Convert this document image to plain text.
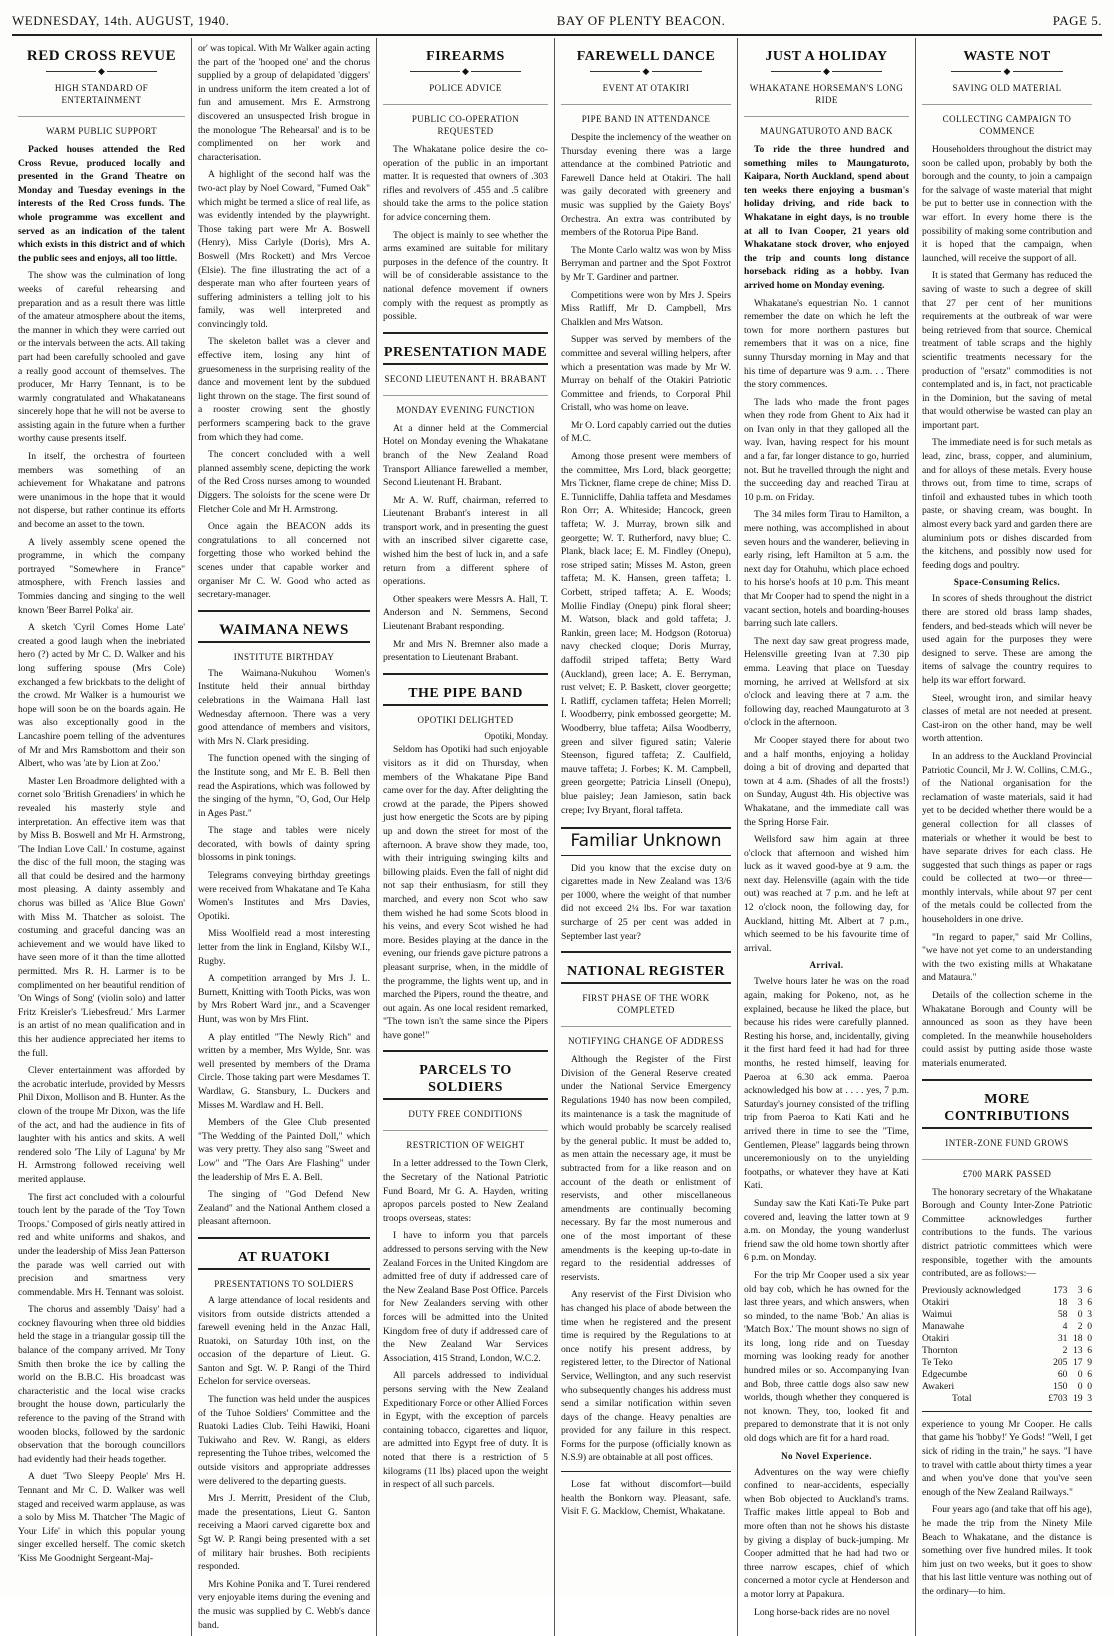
WEDNESDAY, 14th. AUGUST, 1940.	BAY OF PLENTY BEACON.	PAGE 5.
RED CROSS REVUE
◆
HIGH STANDARD OF ENTERTAINMENT
WARM PUBLIC SUPPORT

Packed houses attended the Red Cross Revue, produced locally and presented in the Grand Theatre on Monday and Tuesday evenings in the interests of the Red Cross funds. The whole programme was excellent and served as an indication of the talent which exists in this district and of which the public sees and enjoys, all too little.

The show was the culmination of long weeks of careful rehearsing and preparation and as a result there was little of the amateur atmosphere about the items, the manner in which they were carried out or the intervals between the acts. All taking part had been carefully schooled and gave a really good account of themselves. The producer, Mr Harry Tennant, is to be warmly congratulated and Whakataneans sincerely hope that he will not be averse to assisting again in the future when a further worthy cause presents itself.

In itself, the orchestra of fourteen members was something of an achievement for Whakatane and patrons were unanimous in the hope that it would not disperse, but rather continue its efforts and become an asset to the town.

A lively assembly scene opened the programme, in which the company portrayed "Somewhere in France" atmosphere, with French lassies and Tommies dancing and singing to the well known 'Beer Barrel Polka' air.

A sketch 'Cyril Comes Home Late' created a good laugh when the inebriated hero (?) acted by Mr C. D. Walker and his long suffering spouse (Mrs Cole) exchanged a few brickbats to the delight of the crowd. Mr Walker is a humourist we hope will soon be on the boards again. He was also exceptionally good in the Lancashire poem telling of the adventures of Mr and Mrs Ramsbottom and their son Albert, who was 'ate by Lion at Zoo.'

Master Len Broadmore delighted with a cornet solo 'British Grenadiers' in which he revealed his masterly style and interpretation. An effective item was that by Miss B. Boswell and Mr H. Armstrong, 'The Indian Love Call.' In costume, against the disc of the full moon, the staging was all that could be desired and the harmony most pleasing. A dainty assembly and chorus was billed as 'Alice Blue Gown' with Miss M. Thatcher as soloist. The costuming and graceful dancing was an achievement and we would have liked to have seen more of it than the time allotted permitted. Mrs R. H. Larmer is to be complimented on her beautiful rendition of 'On Wings of Song' (violin solo) and latter Fritz Kreisler's 'Liebesfreud.' Mrs Larmer is an artist of no mean qualification and in this her audience appreciated her items to the full.

Clever entertainment was afforded by the acrobatic interlude, provided by Messrs Phil Dixon, Mollison and B. Hunter. As the clown of the troupe Mr Dixon, was the life of the act, and had the audience in fits of laughter with his antics and skits. A well rendered solo 'The Lily of Laguna' by Mr H. Armstrong followed receiving well merited applause.

The first act concluded with a colourful touch lent by the parade of the 'Toy Town Troops.' Composed of girls neatly attired in red and white uniforms and shakos, and under the leadership of Miss Jean Patterson the parade was well carried out with precision and smartness very commendable. Mrs H. Tennant was soloist.

The chorus and assembly 'Daisy' had a cockney flavouring when three old biddies held the stage in a triangular gossip till the balance of the company arrived. Mr Tony Smith then broke the ice by calling the world on the B.B.C. His broadcast was characteristic and the local wise cracks brought the house down, particularly the reference to the paving of the Strand with wooden blocks, followed by the sardonic observation that the borough councillors had evidently had their heads together.

A duet 'Two Sleepy People' Mrs H. Tennant and Mr C. D. Walker was well staged and received warm applause, as was a solo by Miss M. Thatcher 'The Magic of Your Life' in which this popular young singer excelled herself. The comic sketch 'Kiss Me Goodnight Sergeant-Maj-

or' was topical. With Mr Walker again acting the part of the 'hooped one' and the chorus supplied by a group of delapidated 'diggers' in undress uniform the item created a lot of fun and amusement. Mrs E. Armstrong discovered an unsuspected Irish brogue in the monologue 'The Rehearsal' and is to be complimented on her work and characterisation.

A highlight of the second half was the two-act play by Noel Coward, "Fumed Oak" which might be termed a slice of real life, as was evidently intended by the playwright. Those taking part were Mr A. Boswell (Henry), Miss Carlyle (Doris), Mrs A. Boswell (Mrs Rockett) and Mrs Vercoe (Elsie). The fine illustrating the act of a desperate man who after fourteen years of suffering administers a telling jolt to his family, was well interpreted and convincingly told.

The skeleton ballet was a clever and effective item, losing any hint of gruesomeness in the surprising reality of the dance and movement lent by the subdued light thrown on the stage. The first sound of a rooster crowing sent the ghostly performers scampering back to the grave from which they had come.

The concert concluded with a well planned assembly scene, depicting the work of the Red Cross nurses among to wounded Diggers. The soloists for the scene were Dr Fletcher Cole and Mr H. Armstrong.

Once again the BEACON adds its congratulations to all concerned not forgetting those who worked behind the scenes under that capable worker and organiser Mr C. W. Good who acted as secretary-manager.

WAIMANA NEWS
INSTITUTE BIRTHDAY

The Waimana-Nukuhou Women's Institute held their annual birthday celebrations in the Waimana Hall last Wednesday afternoon. There was a very good attendance of members and visitors, with Mrs N. Clark presiding.

The function opened with the singing of the Institute song, and Mr E. B. Bell then read the Aspirations, which was followed by the singing of the hymn, "O, God, Our Help in Ages Past."

The stage and tables were nicely decorated, with bowls of dainty spring blossoms in pink tonings.

Telegrams conveying birthday greetings were received from Whakatane and Te Kaha Women's Institutes and Mrs Davies, Opotiki.

Miss Woolfield read a most interesting letter from the link in England, Kilsby W.I., Rugby.

A competition arranged by Mrs J. L. Burnett, Knitting with Tooth Picks, was won by Mrs Robert Ward jnr., and a Scavenger Hunt, was won by Mrs Flint.

A play entitled "The Newly Rich" and written by a member, Mrs Wylde, Snr. was well presented by members of the Drama Circle. Those taking part were Mesdames T. Wardlaw, G. Stansbury, L. Duckers and Misses M. Wardlaw and H. Bell.

Members of the Glee Club presented "The Wedding of the Painted Doll," which was very pretty. They also sang "Sweet and Low" and "The Oars Are Flashing" under the leadership of Mrs E. A. Bell.

The singing of "God Defend New Zealand" and the National Anthem closed a pleasant afternoon.

AT RUATOKI
PRESENTATIONS TO SOLDIERS

A large attendance of local residents and visitors from outside districts attended a farewell evening held in the Anzac Hall, Ruatoki, on Saturday 10th inst, on the occasion of the departure of Lieut. G. Santon and Sgt. W. P. Rangi of the Third Echelon for service overseas.

The function was held under the auspices of the Tuhoe Soldiers' Committee and the Ruatoki Ladies Club. Teihi Hawiki, Hoani Tukiwaho and Rev. W. Rangi, as elders representing the Tuhoe tribes, welcomed the outside visitors and appropriate addresses were delivered to the departing guests.

Mrs J. Merritt, President of the Club, made the presentations, Lieut G. Santon receiving a Maori carved cigarette box and Sgt W. P. Rangi being presented with a set of military hair brushes. Both recipients responded.

Mrs Kohine Ponika and T. Turei rendered very enjoyable items during the evening and the music was supplied by C. Webb's dance band.

FIREARMS
◆
POLICE ADVICE
PUBLIC CO-OPERATION REQUESTED

The Whakatane police desire the co-operation of the public in an important matter. It is requested that owners of .303 rifles and revolvers of .455 and .5 calibre should take the arms to the police station for advice concerning them.

The object is mainly to see whether the arms examined are suitable for military purposes in the defence of the country. It will be of considerable assistance to the national defence movement if owners comply with the request as promptly as possible.

PRESENTATION MADE
SECOND LIEUTENANT H. BRABANT
MONDAY EVENING FUNCTION

At a dinner held at the Commercial Hotel on Monday evening the Whakatane branch of the New Zealand Road Transport Alliance farewelled a member, Second Lieutenant H. Brabant.

Mr A. W. Ruff, chairman, referred to Lieutenant Brabant's interest in all transport work, and in presenting the guest with an inscribed silver cigarette case, wished him the best of luck in, and a safe return from a different sphere of operations.

Other speakers were Messrs A. Hall, T. Anderson and N. Semmens, Second Lieutenant Brabant responding.

Mr and Mrs N. Bremner also made a presentation to Lieutenant Brabant.

THE PIPE BAND
OPOTIKI DELIGHTED
Opotiki, Monday.

Seldom has Opotiki had such enjoyable visitors as it did on Thursday, when members of the Whakatane Pipe Band came over for the day. After delighting the crowd at the parade, the Pipers showed just how energetic the Scots are by piping up and down the street for most of the afternoon. A brave show they made, too, with their intriguing swinging kilts and billowing plaids. Even the fall of night did not sap their enthusiasm, for still they marched, and every non Scot who saw them wished he had some Scots blood in his veins, and every Scot wished he had more. Besides playing at the dance in the evening, our friends gave picture patrons a pleasant surprise, when, in the middle of the programme, the lights went up, and in marched the Pipers, round the theatre, and out again. As one local resident remarked, "The town isn't the same since the Pipers have gone!"

PARCELS TO SOLDIERS
DUTY FREE CONDITIONS
RESTRICTION OF WEIGHT

In a letter addressed to the Town Clerk, the Secretary of the National Patriotic Fund Board, Mr G. A. Hayden, writing apropos parcels posted to New Zealand troops overseas, states:

I have to inform you that parcels addressed to persons serving with the New Zealand Forces in the United Kingdom are admitted free of duty if addressed care of the New Zealand Base Post Office. Parcels for New Zealanders serving with other forces will be admitted into the United Kingdom free of duty if addressed care of the New Zealand War Services Association, 415 Strand, London, W.C.2.

All parcels addressed to individual persons serving with the New Zealand Expeditionary Force or other Allied Forces in Egypt, with the exception of parcels containing tobacco, cigarettes and liquor, are admitted into Egypt free of duty. It is noted that there is a restriction of 5 kilograms (11 lbs) placed upon the weight in respect of all such parcels.

FAREWELL DANCE
◆
EVENT AT OTAKIRI
PIPE BAND IN ATTENDANCE

Despite the inclemency of the weather on Thursday evening there was a large attendance at the combined Patriotic and Farewell Dance held at Otakiri. The hall was gaily decorated with greenery and music was supplied by the Gaiety Boys' Orchestra. An extra was contributed by members of the Rotorua Pipe Band.

The Monte Carlo waltz was won by Miss Berryman and partner and the Spot Foxtrot by Mr T. Gardiner and partner.

Competitions were won by Mrs J. Speirs Miss Ratliff, Mr D. Campbell, Mrs Chalklen and Mrs Watson.

Supper was served by members of the committee and several willing helpers, after which a presentation was made by Mr W. Murray on behalf of the Otakiri Patriotic Committee and friends, to Corporal Phil Cristall, who was home on leave.

Mr O. Lord capably carried out the duties of M.C.

Among those present were members of the committee, Mrs Lord, black georgette; Mrs Tickner, flame crepe de chine; Miss D. E. Tunnicliffe, Dahlia taffeta and Mesdames Ron Orr; A. Whiteside; Hancock, green taffeta; W. J. Murray, brown silk and georgette; W. T. Rutherford, navy blue; C. Plank, black lace; E. M. Findley (Onepu), rose striped satin; Misses M. Aston, green taffeta; M. K. Hansen, green taffeta; I. Corbett, striped taffeta; A. E. Woods; Mollie Findlay (Onepu) pink floral sheer; M. Watson, black and gold taffeta; J. Rankin, green lace; M. Hodgson (Rotorua) navy checked cloque; Doris Murray, daffodil striped taffeta; Betty Ward (Auckland), green lace; A. E. Berryman, rust velvet; E. P. Baskett, clover georgette; I. Ratliff, cyclamen taffeta; Helen Morrell; I. Woodberry, pink embossed georgette; M. Woodberry, blue taffeta; Ailsa Woodberry, green and silver figured satin; Valerie Steenson, figured taffeta; Z. Caulfield, mauve taffeta; J. Forbes; K. M. Campbell, green georgette; Patricia Linsell (Onepu), blue paisley; Jean Jamieson, satin back crepe; Ivy Bryant, floral taffeta.

Familiar Unknown

Did you know that the excise duty on cigarettes made in New Zealand was 13/6 per 1000, where the weight of that number did not exceed 2¼ lbs. For war taxation surcharge of 25 per cent was added in September last year?

NATIONAL REGISTER
FIRST PHASE OF THE WORK COMPLETED
NOTIFYING CHANGE OF ADDRESS

Although the Register of the First Division of the General Reserve created under the National Service Emergency Regulations 1940 has now been compiled, its maintenance is a task the magnitude of which would probably be scarcely realised by the general public. It must be added to, as men attain the necessary age, it must be subtracted from for a like reason and on account of the death or enlistment of reservists, and other miscellaneous amendments are continually becoming necessary. By far the most numerous and one of the most important of these amendments is the keeping up-to-date in regard to the residential addresses of reservists.

Any reservist of the First Division who has changed his place of abode between the time when he registered and the present time is required by the Regulations to at once notify his present address, by registered letter, to the Director of National Service, Wellington, and any such reservist who subsequently changes his address must send a similar notification within seven days of the change. Heavy penalties are provided for any failure in this respect. Forms for the purpose (officially known as N.S.9) are obtainable at all post offices.

Lose fat without discomfort—build health the Bonkorn way. Pleasant, safe. Visit F. G. Macklow, Chemist, Whakatane.

JUST A HOLIDAY
◆
WHAKATANE HORSEMAN'S LONG RIDE
MAUNGATUROTO AND BACK

To ride the three hundred and something miles to Maungaturoto, Kaipara, North Auckland, spend about ten weeks there enjoying a busman's holiday driving, and ride back to Whakatane in eight days, is no trouble at all to Ivan Cooper, 21 years old Whakatane stock drover, who enjoyed the trip and counts long distance horseback riding as a hobby. Ivan arrived home on Monday evening.

Whakatane's equestrian No. 1 cannot remember the date on which he left the town for more northern pastures but remembers that it was on a nice, fine sunny Thursday morning in May and that his time of departure was 9 a.m. . . There the story commences.

The lads who made the front pages when they rode from Ghent to Aix had it on Ivan only in that they galloped all the way. Ivan, having respect for his mount and a far, far longer distance to go, hurried not. But he travelled through the night and the succeeding day and reached Tirau at 10 p.m. on Friday.

The 34 miles form Tirau to Hamilton, a mere nothing, was accomplished in about seven hours and the wanderer, believing in early rising, left Hamilton at 5 a.m. the next day for Otahuhu, which place echoed to his horse's hoofs at 10 p.m. This meant that Mr Cooper had to spend the night in a vacant section, hotels and boarding-houses barring such late callers.

The next day saw great progress made, Helensville greeting Ivan at 7.30 pip emma. Leaving that place on Tuesday morning, he arrived at Wellsford at six o'clock and leaving there at 7 a.m. the following day, reached Maungaturoto at 3 o'clock in the afternoon.

Mr Cooper stayed there for about two and a half months, enjoying a holiday doing a bit of droving and departed that town at 4 a.m. (Shades of all the frosts!) on Sunday, August 4th. His objective was Whakatane, and the immediate call was the Spring Horse Fair.

Wellsford saw him again at three o'clock that afternoon and wished him luck as it waved good-bye at 9 a.m. the next day. Helensville (again with the tide out) was reached at 7 p.m. and he left at 12 o'clock noon, the following day, for Auckland, hitting Mt. Albert at 7 p.m., which seemed to be his favourite time of arrival.

Arrival.

Twelve hours later he was on the road again, making for Pokeno, not, as he explained, because he liked the place, but because his rides were carefully planned. Resting his horse, and, incidentally, giving it the first hard feed it had had for three months, he rested himself, leaving for Paeroa at 6.30 ack emma. Paeroa acknowledged his bow at . . . . yes, 7 p.m. Saturday's journey consisted of the trifling trip from Paeroa to Kati Kati and he arrived there in time to see the "Time, Gentlemen, Please" laggards being thrown unceremoniously on to the unyielding footpaths, or whatever they have at Kati Kati.

Sunday saw the Kati Kati-Te Puke part covered and, leaving the latter town at 9 a.m. on Monday, the young wanderlust friend saw the old home town shortly after 6 p.m. on Monday.

For the trip Mr Cooper used a six year old bay cob, which he has owned for the last three years, and which answers, when so minded, to the name 'Bob.' An alias is 'Match Box.' The mount shows no sign of its long, long ride and on Tuesday morning was looking ready for another hundred miles or so. Accompanying Ivan and Bob, three cattle dogs also saw new worlds, though whether they conquered is not known. They, too, looked fit and prepared to demonstrate that it is not only old dogs which are fit for a hard road.

No Novel Experience.

Adventures on the way were chiefly confined to near-accidents, especially when Bob objected to Auckland's trams. Traffic makes little appeal to Bob and more often than not he shows his distaste by giving a display of buck-jumping. Mr Cooper admitted that he had had two or three narrow escapes, chief of which concerned a motor cycle at Henderson and a motor lorry at Papakura.

Long horse-back rides are no novel

WASTE NOT
◆
SAVING OLD MATERIAL
COLLECTING CAMPAIGN TO COMMENCE

Householders throughout the district may soon be called upon, probably by both the borough and the county, to join a campaign for the salvage of waste material that might be put to better use in connection with the war effort. In every home there is the possibility of making some contribution and it is hoped that the campaign, when launched, will receive the support of all.

It is stated that Germany has reduced the saving of waste to such a degree of skill that 27 per cent of her munitions requirements at the outbreak of war were being retrieved from that source. Chemical treatment of table scraps and the highly scientific treatments necessary for the production of "ersatz" commodities is not contemplated and is, in fact, not practicable in the Dominion, but the saving of metal that would otherwise be wasted can play an important part.

The immediate need is for such metals as lead, zinc, brass, copper, and aluminium, and for alloys of these metals. Every house throws out, from time to time, scraps of tinfoil and exhausted tubes in which tooth paste, or shaving cream, was bought. In almost every back yard and garden there are aluminium pots or dishes discarded from the kitchens, and possibly now used for feeding dogs and poultry.

Space-Consuming Relics.

In scores of sheds throughout the district there are stored old brass lamp shades, fenders, and bed-steads which will never be used again for the purposes they were designed to serve. These are among the items of salvage the country requires to help its war effort forward.

Steel, wrought iron, and similar heavy classes of metal are not needed at present. Cast-iron on the other hand, may be well worth attention.

In an address to the Auckland Provincial Patriotic Council, Mr J. W. Collins, C.M.G., of the National organisation for the reclamation of waste materials, said it had yet to be decided whether there would be a general collection for all classes of materials or whether it would be best to have separate drives for each class. He suggested that such things as paper or rags could be collected at two—or three—monthly intervals, while about 97 per cent of the metals could be collected from the householders in one drive.

"In regard to paper," said Mr Collins, "we have not yet come to an understanding with the two existing mills at Whakatane and Mataura."

Details of the collection scheme in the Whakatane Borough and County will be announced as soon as they have been completed. In the meanwhile householders could assist by putting aside those waste materials enumerated.

MORE CONTRIBUTIONS
INTER-ZONE FUND GROWS
£700 MARK PASSED

The honorary secretary of the Whakatane Borough and County Inter-Zone Patriotic Committee acknowledges further contributions to the funds. The various district patriotic committees which were responsible, together with the amounts contributed, are as follows:—

Previously acknowledged	173	3	6
Otakiri	18	3	6
Waimui	58	0	3
Manawahe	4	2	0
Otakiri	31	18	0
Thornton	2	13	6
Te Teko	205	17	9
Edgecumbe	60	0	6
Awakeri	150	0	0
Total	£703	19	3

experience to young Mr Cooper. He calls that game his 'hobby!' Ye Gods! "Well, I get sick of riding in the train," he says. "I have to travel with cattle about thirty times a year and when you've done that you've seen enough of the New Zealand Railways."

Four years ago (and take that off his age), he made the trip from the Ninety Mile Beach to Whakatane, and the distance is something over five hundred miles. It took him just on two weeks, but it goes to show that his last little venture was nothing out of the ordinary—to him.
